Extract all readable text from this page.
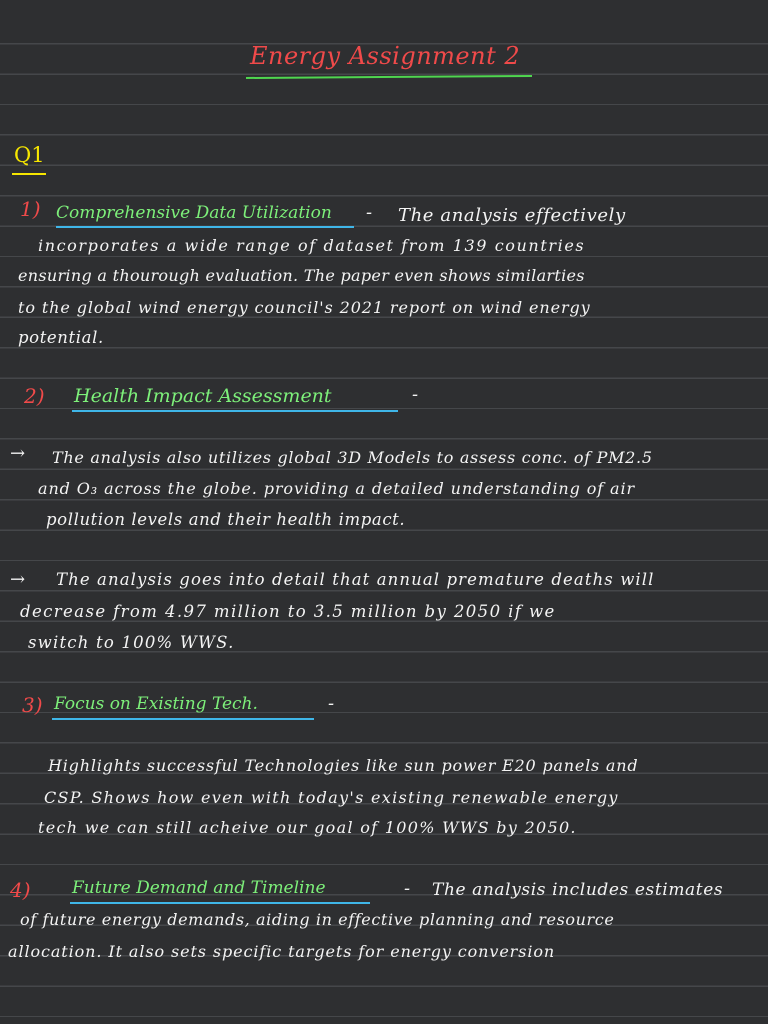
Energy Assignment 2
Q1
1) Comprehensive Data Utilization - The analysis effectively
incorporates a wide range of dataset from 139 countries
ensuring a thourough evaluation. The paper even shows similarties
to the global wind energy council's 2021 report on wind energy
potential.
2) Health Impact Assessment	-
→ The analysis also utilizes global 3D Models to assess conc. of PM2.5
and O₃ across the globe. providing a detailed understanding of air
pollution levels and their health impact.
→ The analysis goes into detail that annual premature deaths will
decrease from 4.97 million to 3.5 million by 2050 if we
switch to 100% WWS.
3) Focus on Existing Tech.	-
Highlights successful Technologies like sun power E20 panels and
CSP. Shows how even with today's existing renewable energy
tech we can still acheive our goal of 100% WWS by 2050.
4) Future Demand and Timeline	- The analysis includes estimates
of future energy demands, aiding in effective planning and resource
allocation. It also sets specific targets for energy conversion
